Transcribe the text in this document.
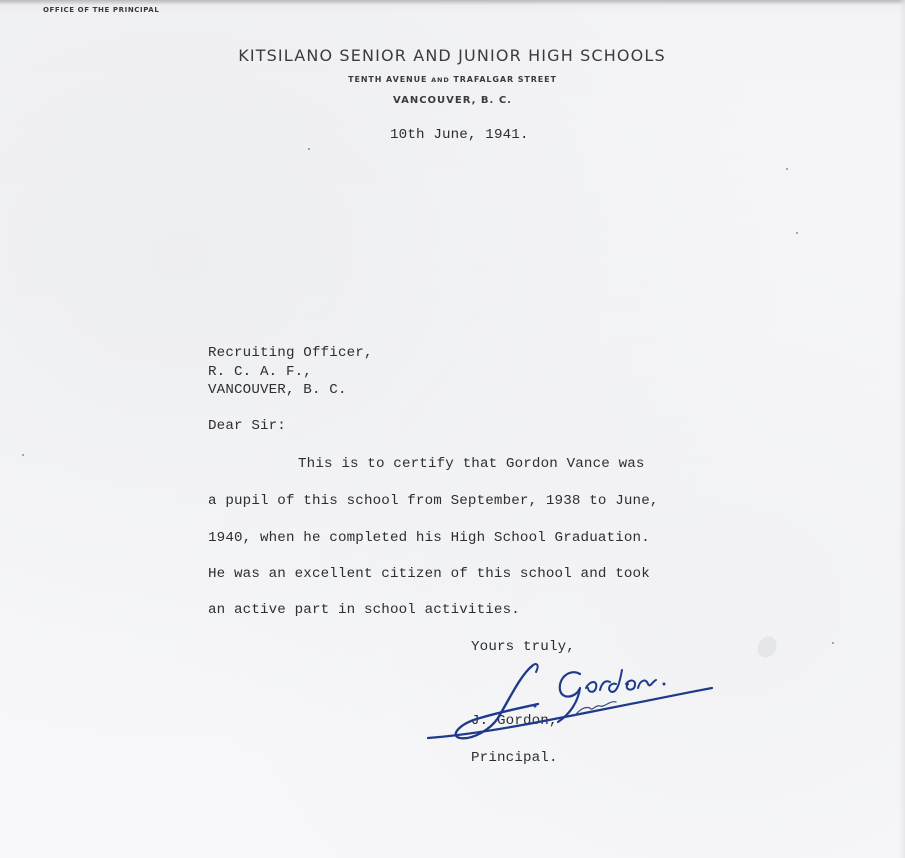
OFFICE OF THE PRINCIPAL
KITSILANO SENIOR AND JUNIOR HIGH SCHOOLS
TENTH AVENUE AND TRAFALGAR STREET
VANCOUVER, B. C.
10th June, 1941.
Recruiting Officer,
R. C. A. F.,
VANCOUVER, B. C.
Dear Sir:
This is to certify that Gordon Vance was
a pupil of this school from September, 1938 to June,
1940, when he completed his High School Graduation.
He was an excellent citizen of this school and took
an active part in school activities.
Yours truly,
J. Gordon,
Principal.
